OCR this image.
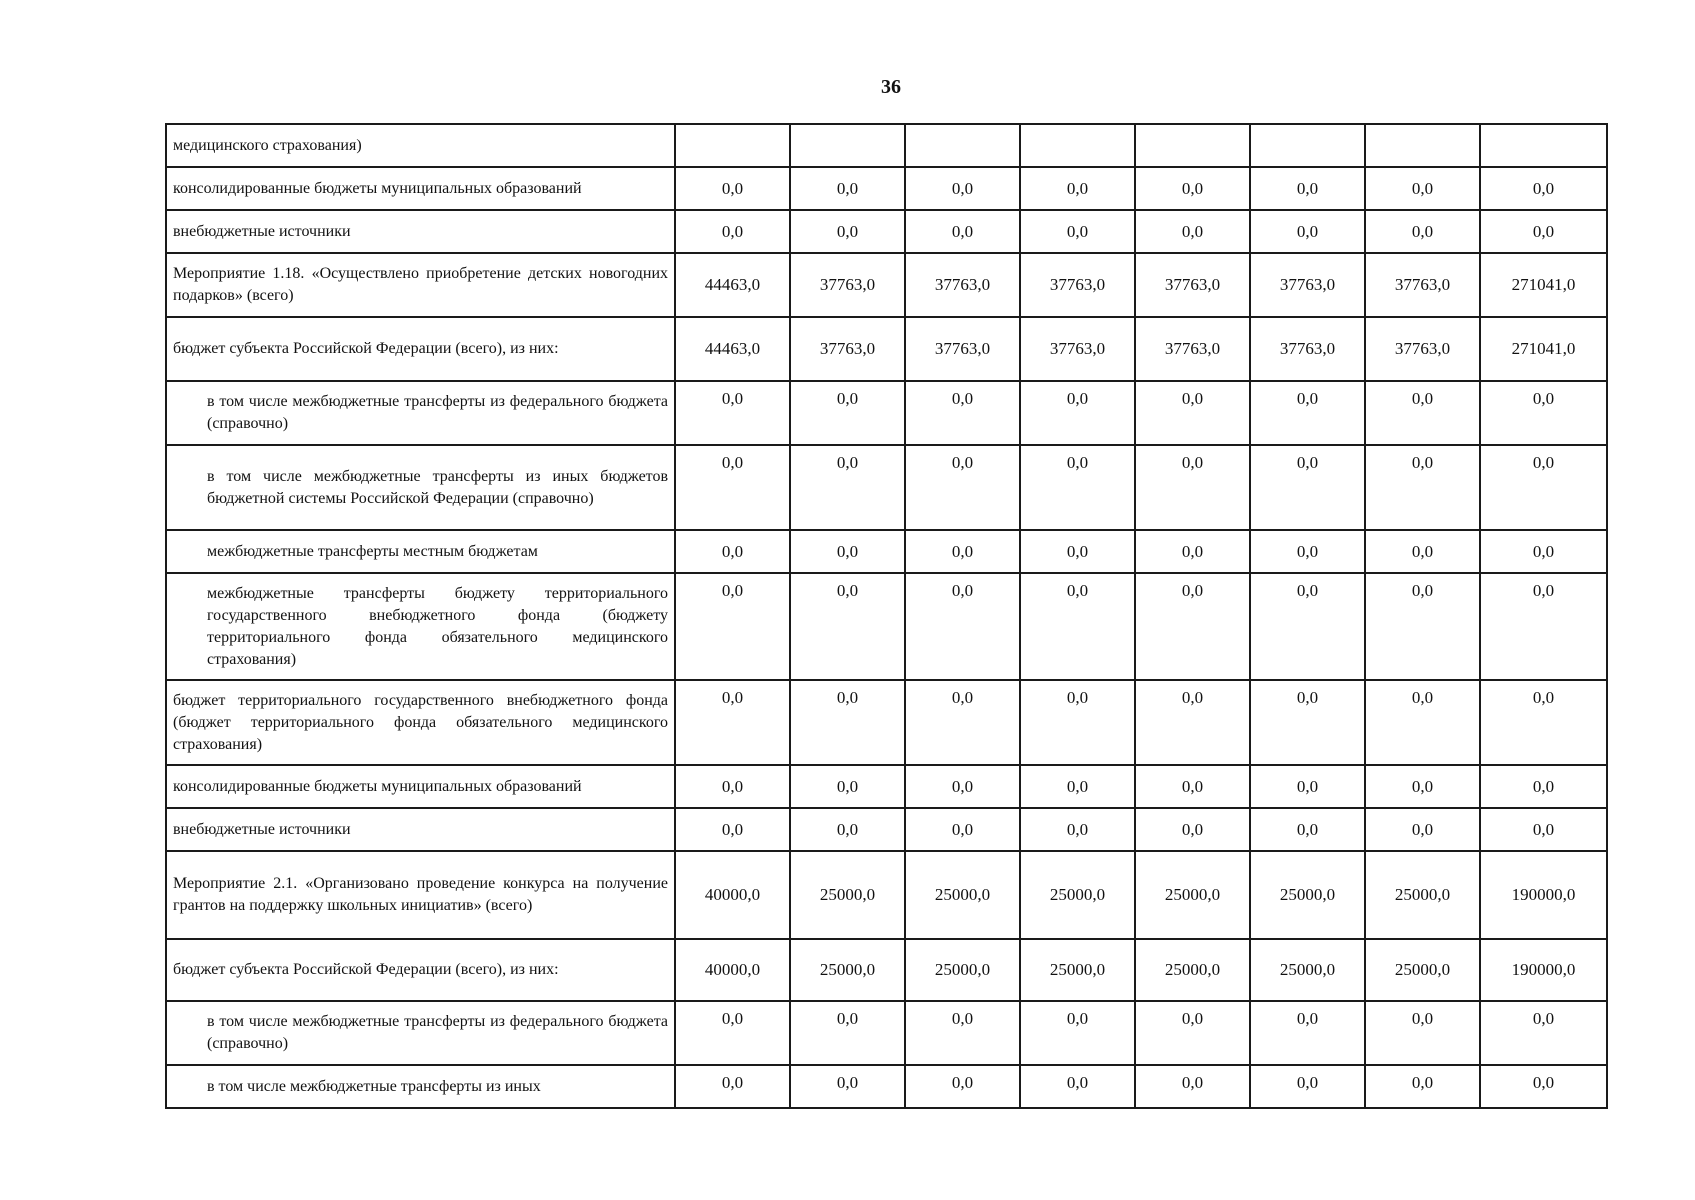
36
медицинского страхования)								
консолидированные бюджеты муниципальных образований	0,0	0,0	0,0	0,0	0,0	0,0	0,0	0,0
внебюджетные источники	0,0	0,0	0,0	0,0	0,0	0,0	0,0	0,0
Мероприятие 1.18. «Осуществлено приобретение детских новогодних подарков» (всего)	44463,0	37763,0	37763,0	37763,0	37763,0	37763,0	37763,0	271041,0
бюджет субъекта Российской Федерации (всего), из них:	44463,0	37763,0	37763,0	37763,0	37763,0	37763,0	37763,0	271041,0
в том числе межбюджетные трансферты из федерального бюджета (справочно)	0,0	0,0	0,0	0,0	0,0	0,0	0,0	0,0
в том числе межбюджетные трансферты из иных бюджетов бюджетной системы Российской Федерации (справочно)	0,0	0,0	0,0	0,0	0,0	0,0	0,0	0,0
межбюджетные трансферты местным бюджетам	0,0	0,0	0,0	0,0	0,0	0,0	0,0	0,0
межбюджетные трансферты бюджету территориального государственного внебюджетного фонда (бюджету территориального фонда обязательного медицинского страхования)	0,0	0,0	0,0	0,0	0,0	0,0	0,0	0,0
бюджет территориального государственного внебюджетного фонда (бюджет территориального фонда обязательного медицинского страхования)	0,0	0,0	0,0	0,0	0,0	0,0	0,0	0,0
консолидированные бюджеты муниципальных образований	0,0	0,0	0,0	0,0	0,0	0,0	0,0	0,0
внебюджетные источники	0,0	0,0	0,0	0,0	0,0	0,0	0,0	0,0
Мероприятие 2.1. «Организовано проведение конкурса на получение грантов на поддержку школьных инициатив» (всего)	40000,0	25000,0	25000,0	25000,0	25000,0	25000,0	25000,0	190000,0
бюджет субъекта Российской Федерации (всего), из них:	40000,0	25000,0	25000,0	25000,0	25000,0	25000,0	25000,0	190000,0
в том числе межбюджетные трансферты из федерального бюджета (справочно)	0,0	0,0	0,0	0,0	0,0	0,0	0,0	0,0
в том числе межбюджетные трансферты из иных	0,0	0,0	0,0	0,0	0,0	0,0	0,0	0,0
